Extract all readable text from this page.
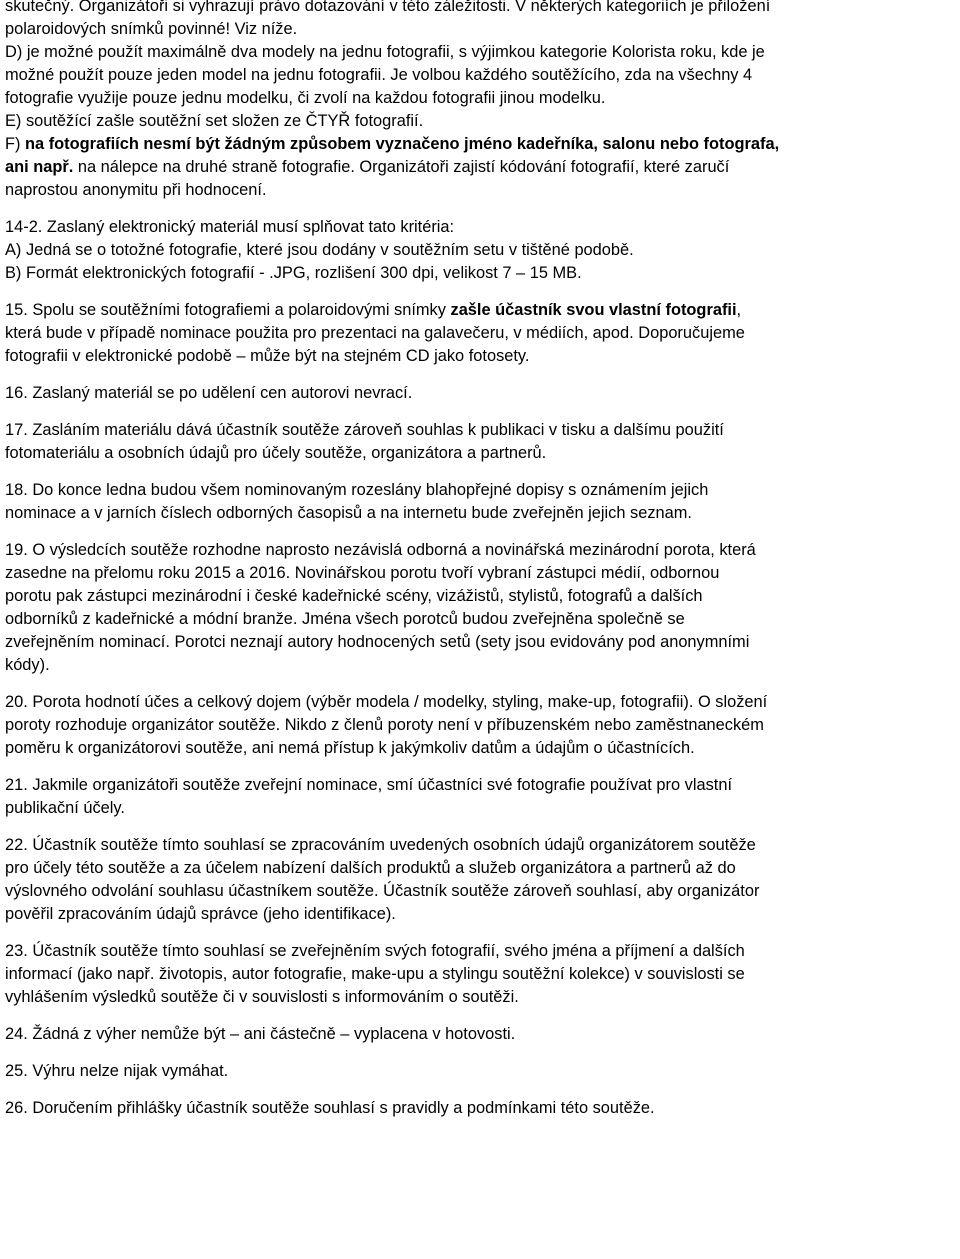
skutečný. Organizátoři si vyhrazují právo dotazování v této záležitosti. V některých kategoriích je přiložení
polaroidových snímků povinné! Viz níže.
D) je možné použít maximálně dva modely na jednu fotografii, s výjimkou kategorie Kolorista roku, kde je
možné použít pouze jeden model na jednu fotografii. Je volbou každého soutěžícího, zda na všechny 4
fotografie využije pouze jednu modelku, či zvolí na každou fotografii jinou modelku.
E) soutěžící zašle soutěžní set složen ze ČTYŘ fotografií.
F) na fotografiích nesmí být žádným způsobem vyznačeno jméno kadeřníka, salonu nebo fotografa,
ani např. na nálepce na druhé straně fotografie. Organizátoři zajistí kódování fotografií, které zaručí
naprostou anonymitu při hodnocení.
14-2. Zaslaný elektronický materiál musí splňovat tato kritéria:
A) Jedná se o totožné fotografie, které jsou dodány v soutěžním setu v tištěné podobě.
B) Formát elektronických fotografií - .JPG, rozlišení 300 dpi, velikost 7 – 15 MB.
15. Spolu se soutěžními fotografiemi a polaroidovými snímky zašle účastník svou vlastní fotografii,
která bude v případě nominace použita pro prezentaci na galavečeru, v médiích, apod. Doporučujeme
fotografii v elektronické podobě – může být na stejném CD jako fotosety.
16. Zaslaný materiál se po udělení cen autorovi nevrací.
17. Zasláním materiálu dává účastník soutěže zároveň souhlas k publikaci v tisku a dalšímu použití
fotomateriálu a osobních údajů pro účely soutěže, organizátora a partnerů.
18. Do konce ledna budou všem nominovaným rozeslány blahopřejné dopisy s oznámením jejich
nominace a v jarních číslech odborných časopisů a na internetu bude zveřejněn jejich seznam.
19. O výsledcích soutěže rozhodne naprosto nezávislá odborná a novinářská mezinárodní porota, která
zasedne na přelomu roku 2015 a 2016. Novinářskou porotu tvoří vybraní zástupci médií, odbornou
porotu pak zástupci mezinárodní i české kadeřnické scény, vizážistů, stylistů, fotografů a dalších
odborníků z kadeřnické a módní branže. Jména všech porotců budou zveřejněna společně se
zveřejněním nominací. Porotci neznají autory hodnocených setů (sety jsou evidovány pod anonymními
kódy).
20. Porota hodnotí účes a celkový dojem (výběr modela / modelky, styling, make-up, fotografii). O složení
poroty rozhoduje organizátor soutěže. Nikdo z členů poroty není v příbuzenském nebo zaměstnaneckém
poměru k organizátorovi soutěže, ani nemá přístup k jakýmkoliv datům a údajům o účastnících.
21. Jakmile organizátoři soutěže zveřejní nominace, smí účastníci své fotografie používat pro vlastní
publikační účely.
22. Účastník soutěže tímto souhlasí se zpracováním uvedených osobních údajů organizátorem soutěže
pro účely této soutěže a za účelem nabízení dalších produktů a služeb organizátora a partnerů až do
výslovného odvolání souhlasu účastníkem soutěže. Účastník soutěže zároveň souhlasí, aby organizátor
pověřil zpracováním údajů správce (jeho identifikace).
23. Účastník soutěže tímto souhlasí se zveřejněním svých fotografií, svého jména a příjmení a dalších
informací (jako např. životopis, autor fotografie, make-upu a stylingu soutěžní kolekce) v souvislosti se
vyhlášením výsledků soutěže či v souvislosti s informováním o soutěži.
24. Žádná z výher nemůže být – ani částečně – vyplacena v hotovosti.
25. Výhru nelze nijak vymáhat.
26. Doručením přihlášky účastník soutěže souhlasí s pravidly a podmínkami této soutěže.
